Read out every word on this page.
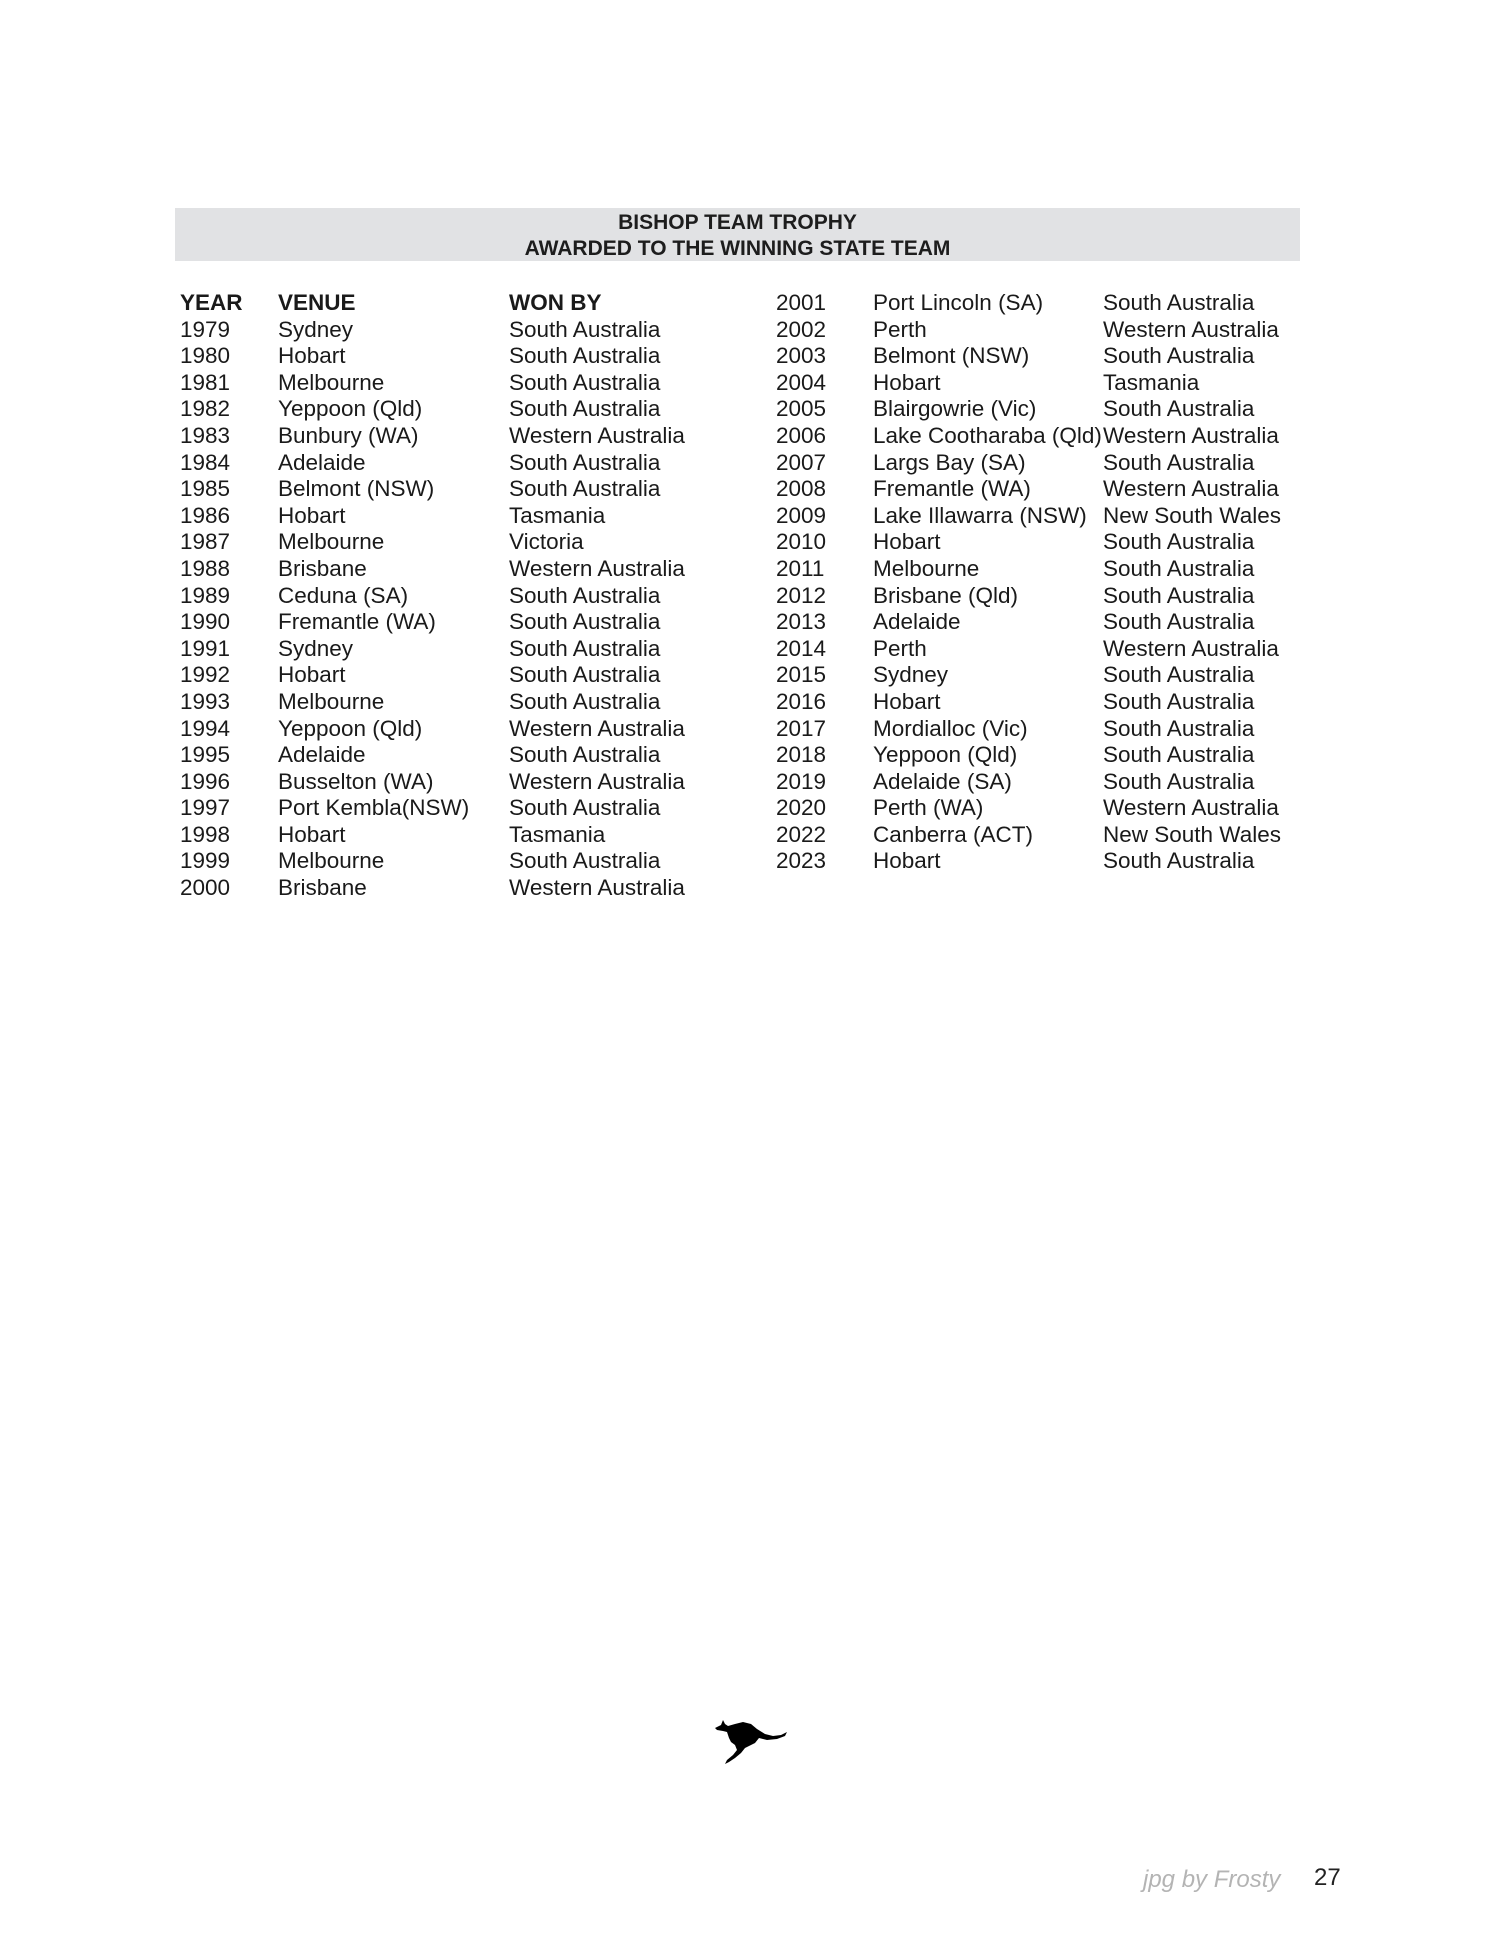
BISHOP TEAM TROPHY
AWARDED TO THE WINNING STATE TEAM
YEAR VENUE	WON BY
1979 Sydney	South Australia
1980 Hobart	South Australia
1981 Melbourne	South Australia
1982 Yeppoon (Qld)	South Australia
1983 Bunbury (WA)	Western Australia
1984 Adelaide	South Australia
1985 Belmont (NSW)	South Australia
1986 Hobart	Tasmania
1987 Melbourne	Victoria
1988 Brisbane	Western Australia
1989 Ceduna (SA)	South Australia
1990 Fremantle (WA)	South Australia
1991 Sydney	South Australia
1992 Hobart	South Australia
1993 Melbourne	South Australia
1994 Yeppoon (Qld)	Western Australia
1995 Adelaide	South Australia
1996 Busselton (WA)	Western Australia
1997 Port Kembla(NSW) South Australia
1998 Hobart	Tasmania
1999 Melbourne	South Australia
2000 Brisbane	Western Australia
2001 Port Lincoln (SA)	South Australia
2002 Perth	Western Australia
2003 Belmont (NSW)	South Australia
2004 Hobart	Tasmania
2005 Blairgowrie (Vic)	South Australia
2006 Lake Cootharaba (Qld) Western Australia
2007 Largs Bay (SA)	South Australia
2008 Fremantle (WA)	Western Australia
2009 Lake Illawarra (NSW) New South Wales
2010 Hobart	South Australia
2011 Melbourne	South Australia
2012 Brisbane (Qld)	South Australia
2013 Adelaide	South Australia
2014 Perth	Western Australia
2015 Sydney	South Australia
2016 Hobart	South Australia
2017 Mordialloc (Vic)	South Australia
2018 Yeppoon (Qld)	South Australia
2019 Adelaide (SA)	South Australia
2020 Perth (WA)	Western Australia
2022 Canberra (ACT)	New South Wales
2023 Hobart	South Australia
jpg by Frosty 27
